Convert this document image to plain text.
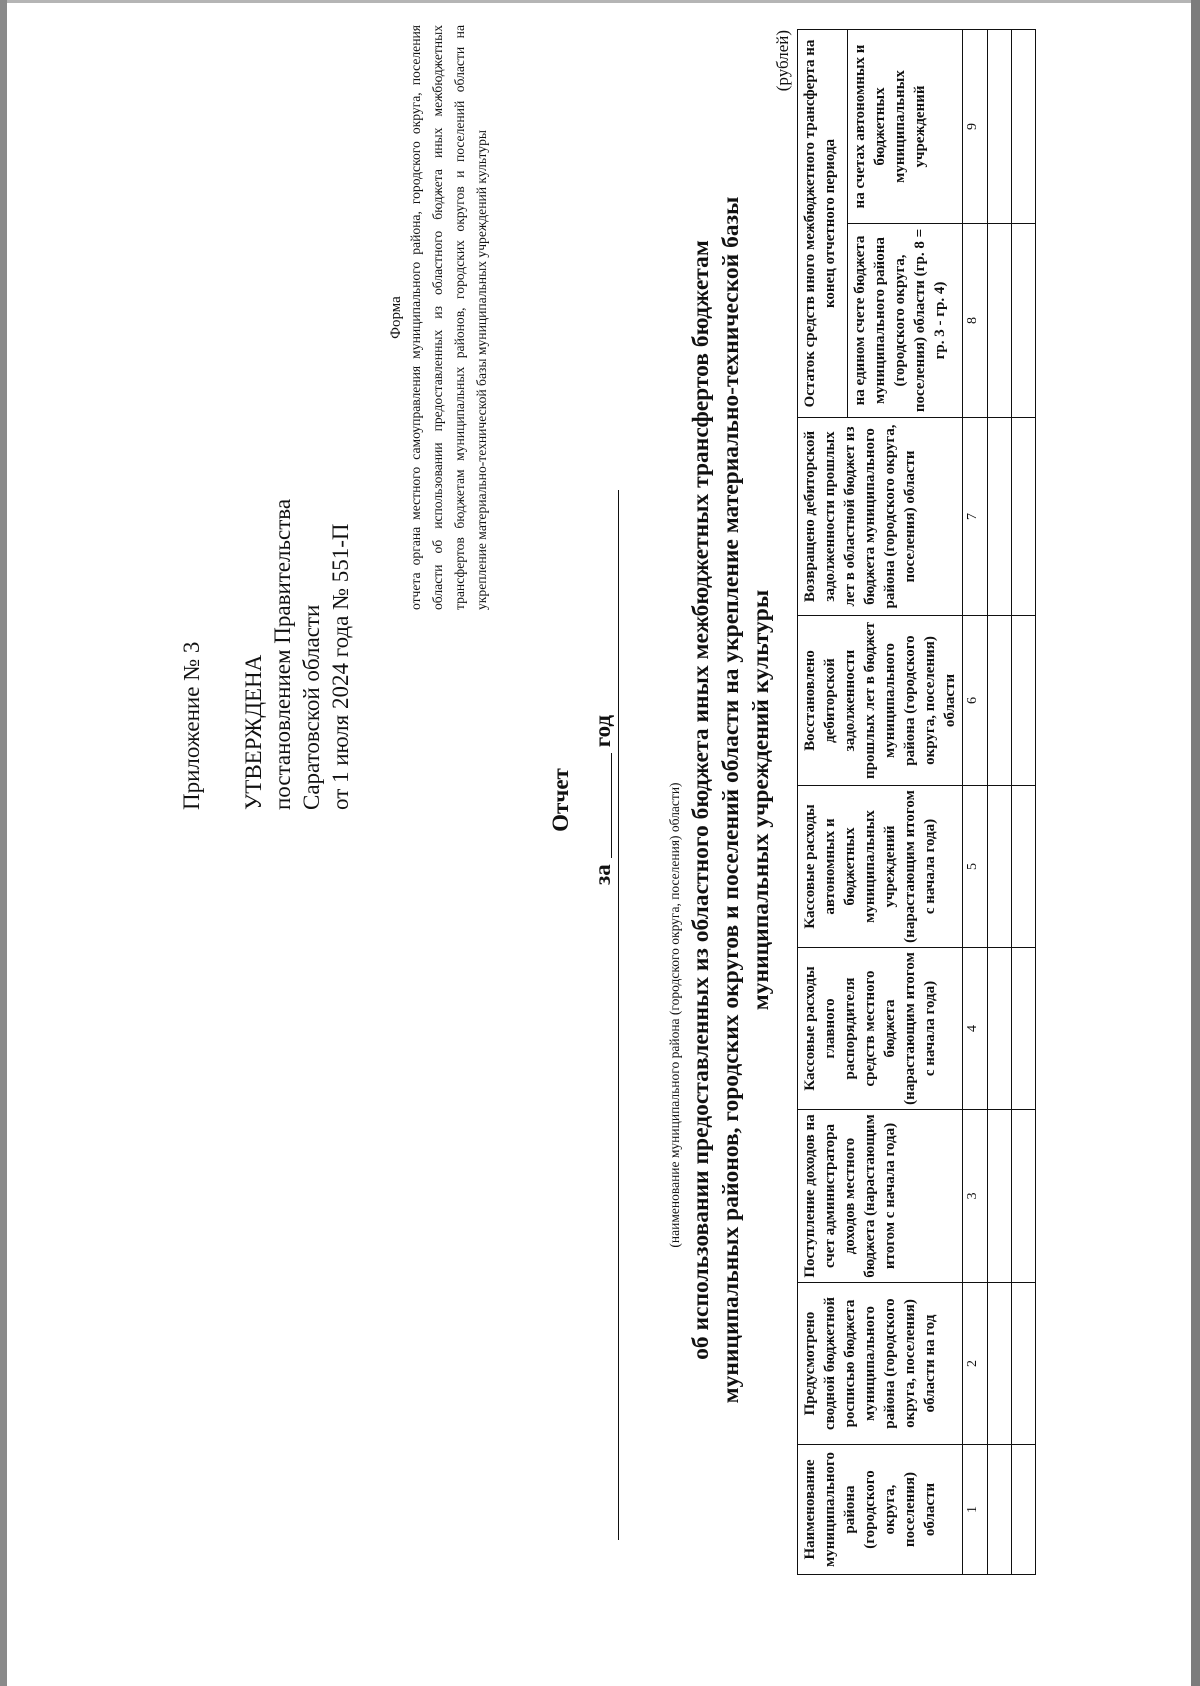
Приложение № 3 УТВЕРЖДЕНА постановлением Правительства Саратовской области от 1 июля 2024 года № 551-П
Форма отчета органа местного самоуправления муниципального района, городского округа, поселения области об использовании предоставленных из областного бюджета иных межбюджетных трансфертов бюджетам муниципальных районов, городских округов и поселений области на укрепление материально-технической базы муниципальных учреждений культуры
Отчет
загод
(наименование муниципального района (городского округа, поселения) области) об использовании предоставленных из областного бюджета иных межбюджетных трансфертов бюджетам муниципальных районов, городских округов и поселений области на укрепление материально-технической базы муниципальных учреждений культуры
(рублей)
Наименование муниципального района (городского округа, поселения) области	Предусмотрено сводной бюджетной росписью бюджета муниципального района (городского округа, поселения) области на год	Поступление доходов на счет администратора доходов местного бюджета (нарастающим итогом с начала года)	Кассовые расходы главного распорядителя средств местного бюджета (нарастающим итогом с начала года)	Кассовые расходы автономных и бюджетных муниципальных учреждений (нарастающим итогом с начала года)	Восстановлено дебиторской задолженности прошлых лет в бюджет муниципального района (городского округа, поселения) области	Возвращено дебиторской задолженности прошлых лет в областной бюджет из бюджета муниципального района (городского округа, поселения) области	Остаток средств иного межбюджетного трансферта на конец отчетного периода	
							на едином счете бюджета муниципального района (городского округа, поселения) области (гр. 8 = гр. 3 - гр. 4)	на счетах автономных и бюджетных муниципальных учреждений
1	2	3	4	5	6	7	8	9
